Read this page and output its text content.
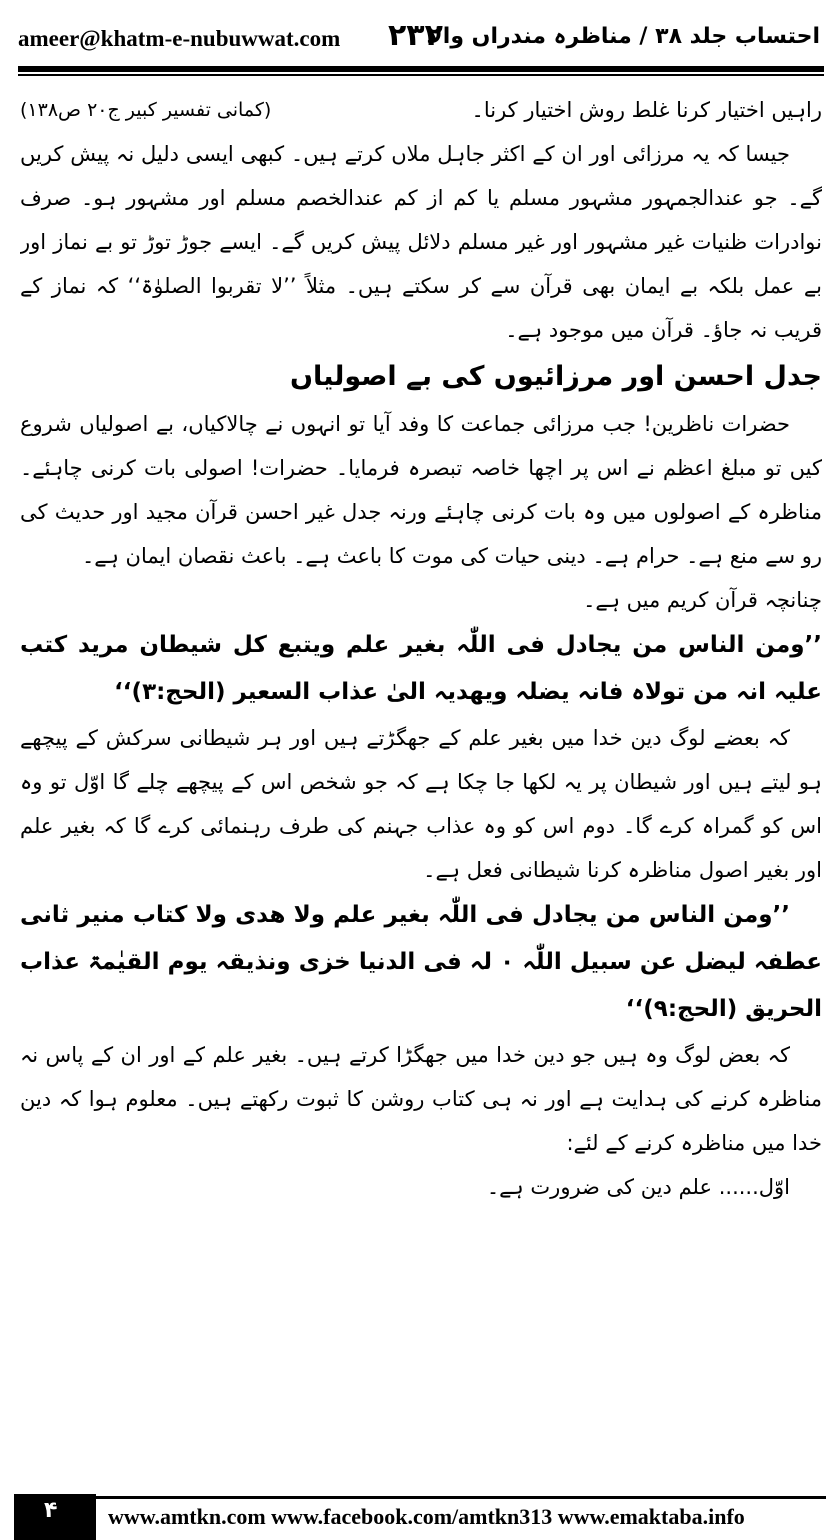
ameer@khatm-e-nubuwwat.com ۲۳۲
احتساب جلد ۳۸ / مناظرہ مندراں والا

راہیں اختیار کرنا غلط روش اختیار کرنا۔
(کمانی تفسیر کبیر ج۲۰ ص۱۳۸)

جیسا کہ یہ مرزائی اور ان کے اکثر جاہل ملاں کرتے ہیں۔ کبھی ایسی دلیل نہ پیش کریں گے۔ جو عندالجمہور مشہور مسلم یا کم از کم عندالخصم مسلم اور مشہور ہو۔ صرف نوادرات ظنیات غیر مشہور اور غیر مسلم دلائل پیش کریں گے۔ ایسے جوڑ توڑ تو بے نماز اور بے عمل بلکہ بے ایمان بھی قرآن سے کر سکتے ہیں۔ مثلاً ’’لا تقربوا الصلوٰۃ‘‘ کہ نماز کے قریب نہ جاؤ۔ قرآن میں موجود ہے۔

جدل احسن اور مرزائیوں کی بے اصولیاں

حضرات ناظرین! جب مرزائی جماعت کا وفد آیا تو انہوں نے چالاکیاں، بے اصولیاں شروع کیں تو مبلغ اعظم نے اس پر اچھا خاصہ تبصرہ فرمایا۔ حضرات! اصولی بات کرنی چاہئے۔ مناظرہ کے اصولوں میں وہ بات کرنی چاہئے ورنہ جدل غیر احسن قرآن مجید اور حدیث کی رو سے منع ہے۔ حرام ہے۔ دینی حیات کی موت کا باعث ہے۔ باعث نقصان ایمان ہے۔

چنانچہ قرآن کریم میں ہے۔

’’ومن الناس من یجادل فی اللّٰہ بغیر علم ویتبع کل شیطان مرید کتب علیہ انہ من تولاہ فانہ یضلہ ویھدیہ الیٰ عذاب السعیر (الحج:۳)‘‘

کہ بعضے لوگ دین خدا میں بغیر علم کے جھگڑتے ہیں اور ہر شیطانی سرکش کے پیچھے ہو لیتے ہیں اور شیطان پر یہ لکھا جا چکا ہے کہ جو شخص اس کے پیچھے چلے گا اوّل تو وہ اس کو گمراہ کرے گا۔ دوم اس کو وہ عذاب جہنم کی طرف رہنمائی کرے گا کہ بغیر علم اور بغیر اصول مناظرہ کرنا شیطانی فعل ہے۔

’’ومن الناس من یجادل فی اللّٰہ بغیر علم ولا ھدی ولا کتاب منیر ثانی عطفہ لیضل عن سبیل اللّٰہ ۰ لہ فی الدنیا خزی ونذیقہ یوم القیٰمۃ عذاب الحریق (الحج:۹)‘‘

کہ بعض لوگ وہ ہیں جو دین خدا میں جھگڑا کرتے ہیں۔ بغیر علم کے اور ان کے پاس نہ مناظرہ کرنے کی ہدایت ہے اور نہ ہی کتاب روشن کا ثبوت رکھتے ہیں۔ معلوم ہوا کہ دین خدا میں مناظرہ کرنے کے لئے:

اوّل...... علم دین کی ضرورت ہے۔

۴ www.amtkn.com www.facebook.com/amtkn313 www.emaktaba.info
